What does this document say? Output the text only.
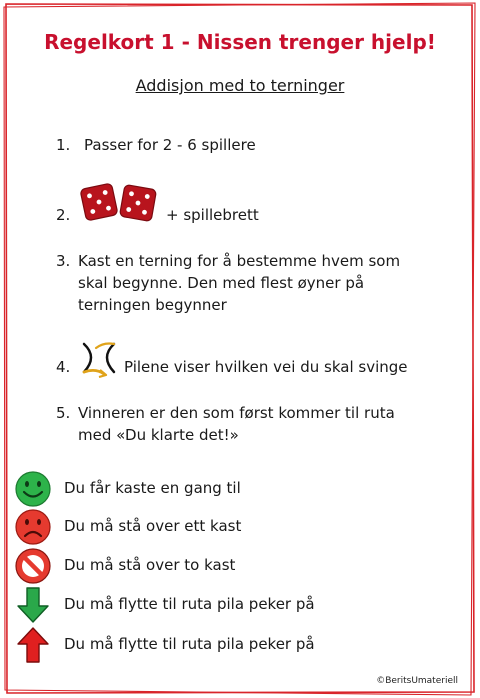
Regelkort 1 - Nissen trenger hjelp!
Addisjon med to terninger
1. Passer for 2 - 6 spillere
2.	+ spillebrett
3. Kast en terning for å bestemme hvem som
skal begynne. Den med flest øyner på
terningen begynner
4.	Pilene viser hvilken vei du skal svinge
5. Vinneren er den som først kommer til ruta
med «Du klarte det!»
Du får kaste en gang til
Du må stå over ett kast
Du må stå over to kast
Du må flytte til ruta pila peker på
Du må flytte til ruta pila peker på
©BeritsUmateriell
